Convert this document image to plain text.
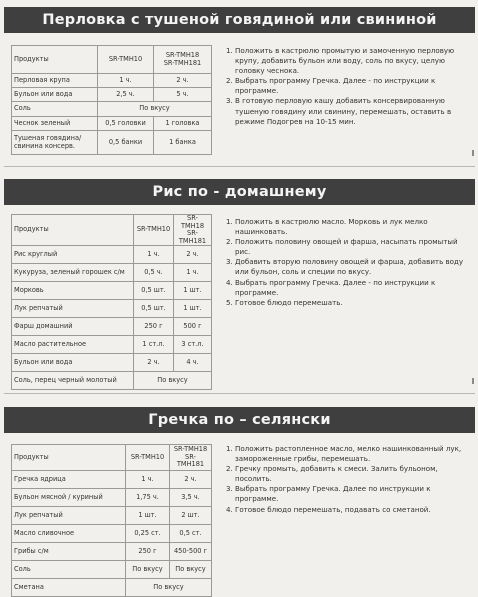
Перловка с тушеной говядиной или свининой
Продукты	SR-TMH10	SR-TMH18
SR-TMH181
Перловая крупа	1 ч.	2 ч.
Бульон или вода	2,5 ч.	5 ч.
Соль	По вкусу	
Чеснок зеленый	0,5 головки	1 головка
Тушеная говядина/
свинина консерв.	0,5 банки	1 банка
1. Положить в кастрюлю промытую и замоченную перловую крупу, добавить бульон или воду, соль по вкусу, целую головку чеснока.
2. Выбрать программу Гречка. Далее - по инструкции к программе.
3. В готовую перловую кашу добавить консервированную тушеную говядину или свинину, перемешать, оставить в режиме Подогрев на 10-15 мин.
Рис по - домашнему
Продукты	SR-TMH10	SR-TMH18
SR-TMH181
Рис круглый	1 ч.	2 ч.
Кукуруза, зеленый горошек с/м	0,5 ч.	1 ч.
Морковь	0,5 шт.	1 шт.
Лук репчатый	0,5 шт.	1 шт.
Фарш домашний	250 г	500 г
Масло растительное	1 ст.л.	3 ст.л.
Бульон или вода	2 ч.	4 ч.
Соль, перец черный молотый	По вкусу	
1. Положить в кастрюлю масло. Морковь и лук мелко нашинковать.
2. Положить половину овощей и фарша, насыпать промытый рис.
3. Добавить вторую половину овощей и фарша, добавить воду или бульон, соль и специи по вкусу.
4. Выбрать программу Гречка. Далее - по инструкции к программе.
5. Готовое блюдо перемешать.
Гречка по – селянски
Продукты	SR-TMH10	SR-TMH18
SR-TMH181
Гречка ядрица	1 ч.	2 ч.
Бульон мясной / куриный	1,75 ч.	3,5 ч.
Лук репчатый	1 шт.	2 шт.
Масло сливочное	0,25 ст.	0,5 ст.
Грибы с/м	250 г	450-500 г
Соль	По вкусу	По вкусу
Сметана	По вкусу	
1. Положить растопленное масло, мелко нашинкованный лук, замороженные грибы, перемешать.
2. Гречку промыть, добавить к смеси. Залить бульоном, посолить.
3. Выбрать программу Гречка. Далее по инструкции к программе.
4. Готовое блюдо перемешать, подавать со сметаной.
